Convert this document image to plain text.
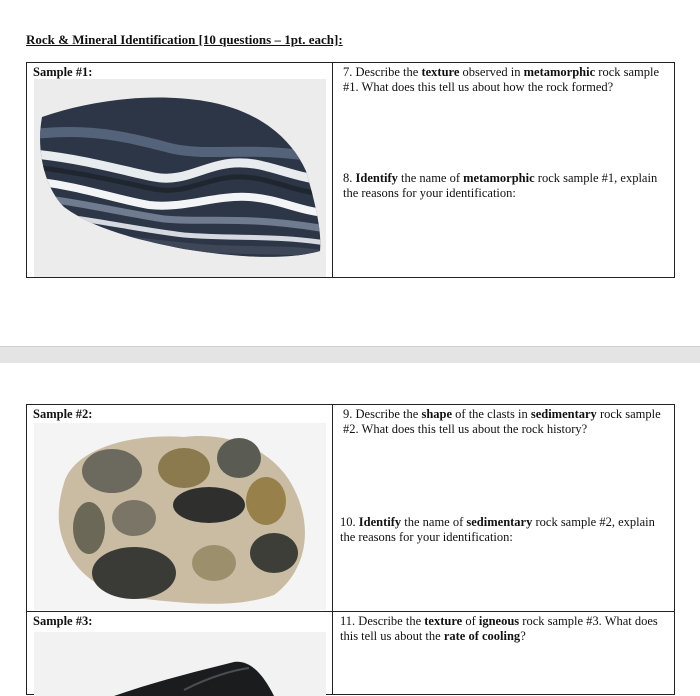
Rock & Mineral Identification [10 questions – 1pt. each]:
Sample #1:	7. Describe the texture observed in metamorphic rock sample #1. What does this tell us about how the rock formed?
8. Identify the name of metamorphic rock sample #1, explain the reasons for your identification:
Sample #2:	9. Describe the shape of the clasts in sedimentary rock sample #2. What does this tell us about the rock history?
10. Identify the name of sedimentary rock sample #2, explain the reasons for your identification:

Sample #3:	11. Describe the texture of igneous rock sample #3. What does this tell us about the rate of cooling?
